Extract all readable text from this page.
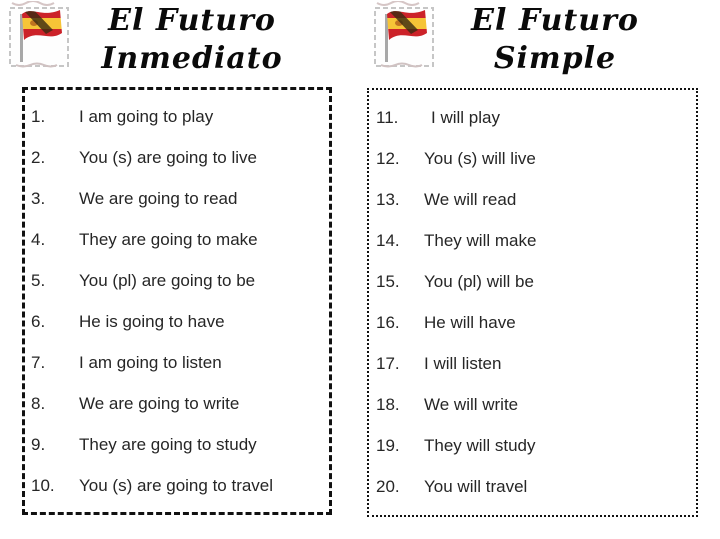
El Futuro
Inmediato
1.	I am going to play
2.	You (s) are going to live
3.	We are going to read
4.	They are going to make
5.	You (pl) are going to be
6.	He is going to have
7.	I am going to listen
8.	We are going to write
9.	They are going to study
10.	You (s) are going to travel
El Futuro
Simple
11.	I will play
12.	You (s) will live
13.	We will read
14.	They will make
15.	You (pl) will be
16.	He will have
17.	I will listen
18.	We will write
19.	They will study
20.	You will travel
